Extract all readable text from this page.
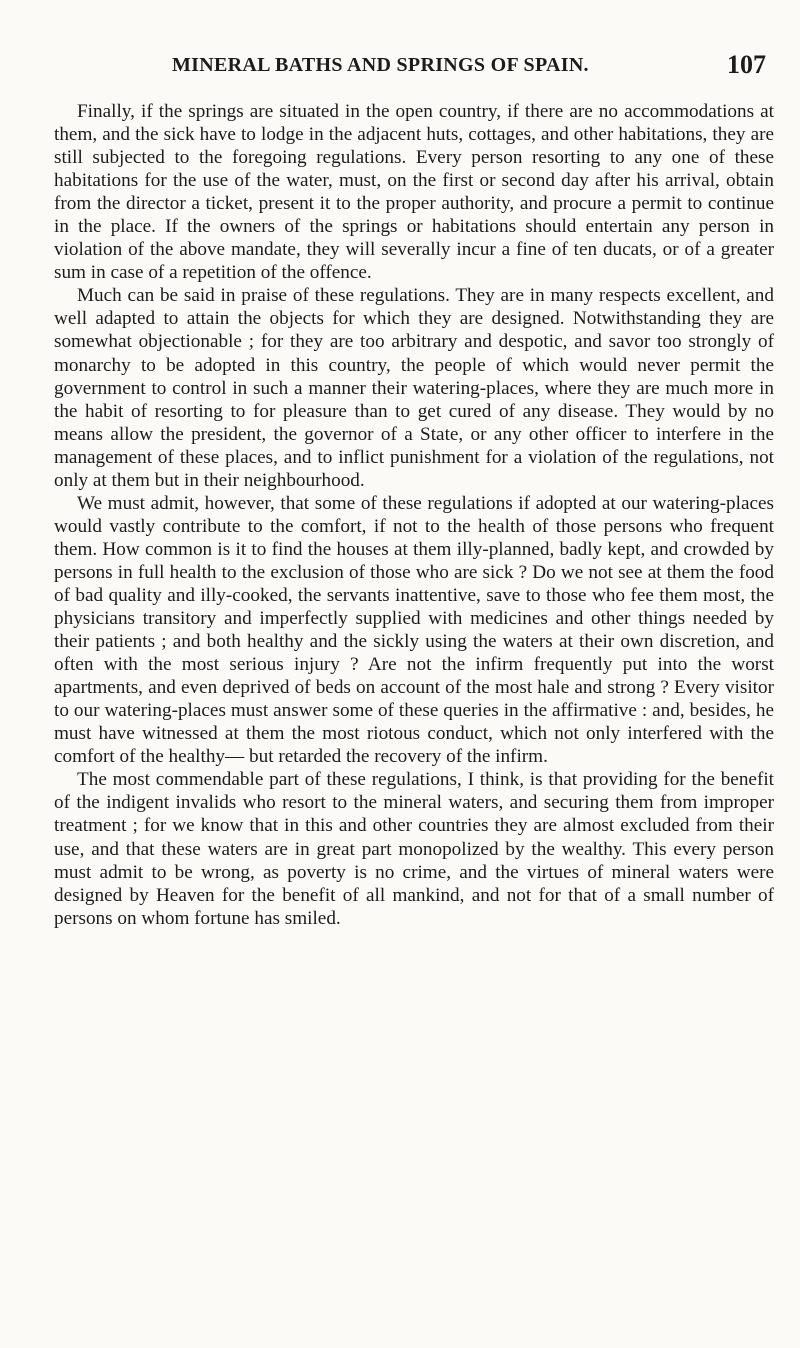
MINERAL BATHS AND SPRINGS OF SPAIN.	107

Finally, if the springs are situated in the open country, if there are no accommodations at them, and the sick have to lodge in the adjacent huts, cottages, and other habitations, they are still subjected to the foregoing regulations. Every person resorting to any one of these habitations for the use of the water, must, on the first or second day after his arrival, obtain from the director a ticket, present it to the proper authority, and procure a permit to continue in the place. If the owners of the springs or habitations should entertain any person in violation of the above mandate, they will severally incur a fine of ten ducats, or of a greater sum in case of a repetition of the offence.

Much can be said in praise of these regulations. They are in many respects excellent, and well adapted to attain the objects for which they are designed. Notwithstanding they are somewhat objectionable ; for they are too arbitrary and despotic, and savor too strongly of monarchy to be adopted in this country, the people of which would never permit the government to control in such a manner their watering-places, where they are much more in the habit of resorting to for pleasure than to get cured of any disease. They would by no means allow the president, the governor of a State, or any other officer to interfere in the management of these places, and to inflict punishment for a violation of the regulations, not only at them but in their neighbourhood.

We must admit, however, that some of these regulations if adopted at our watering-places would vastly contribute to the comfort, if not to the health of those persons who frequent them. How common is it to find the houses at them illy-planned, badly kept, and crowded by persons in full health to the exclusion of those who are sick ? Do we not see at them the food of bad quality and illy-cooked, the servants inattentive, save to those who fee them most, the physicians transitory and imperfectly supplied with medicines and other things needed by their patients ; and both healthy and the sickly using the waters at their own discretion, and often with the most serious injury ? Are not the infirm frequently put into the worst apartments, and even deprived of beds on account of the most hale and strong ? Every visitor to our watering-places must answer some of these queries in the affirmative : and, besides, he must have witnessed at them the most riotous conduct, which not only interfered with the comfort of the healthy— but retarded the recovery of the infirm.

The most commendable part of these regulations, I think, is that providing for the benefit of the indigent invalids who resort to the mineral waters, and securing them from improper treatment ; for we know that in this and other countries they are almost excluded from their use, and that these waters are in great part monopolized by the wealthy. This every person must admit to be wrong, as poverty is no crime, and the virtues of mineral waters were designed by Heaven for the benefit of all mankind, and not for that of a small number of persons on whom fortune has smiled.
